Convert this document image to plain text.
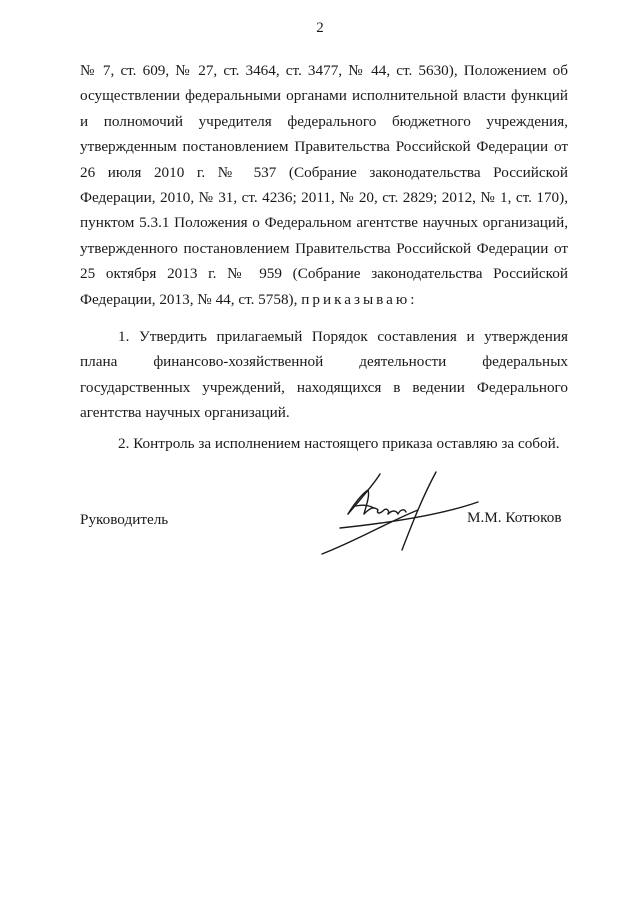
2
№ 7, ст. 609, № 27, ст. 3464, ст. 3477, № 44, ст. 5630), Положением об
осуществлении федеральными органами исполнительной власти функций
и полномочий учредителя федерального бюджетного учреждения,
утвержденным постановлением Правительства Российской Федерации от
26 июля 2010 г. № 537 (Собрание законодательства Российской
Федерации, 2010, № 31, ст. 4236; 2011, № 20, ст. 2829; 2012, № 1, ст. 170),
пунктом 5.3.1 Положения о Федеральном агентстве научных организаций,
утвержденного постановлением Правительства Российской Федерации от
25 октября 2013 г. № 959 (Собрание законодательства Российской
Федерации, 2013, № 44, ст. 5758), приказываю:
1. Утвердить прилагаемый Порядок составления и утверждения
плана финансово-хозяйственной деятельности федеральных
государственных учреждений, находящихся в ведении Федерального
агентства научных организаций.
2. Контроль за исполнением настоящего приказа оставляю за собой.
Руководитель	М.М. Котюков
